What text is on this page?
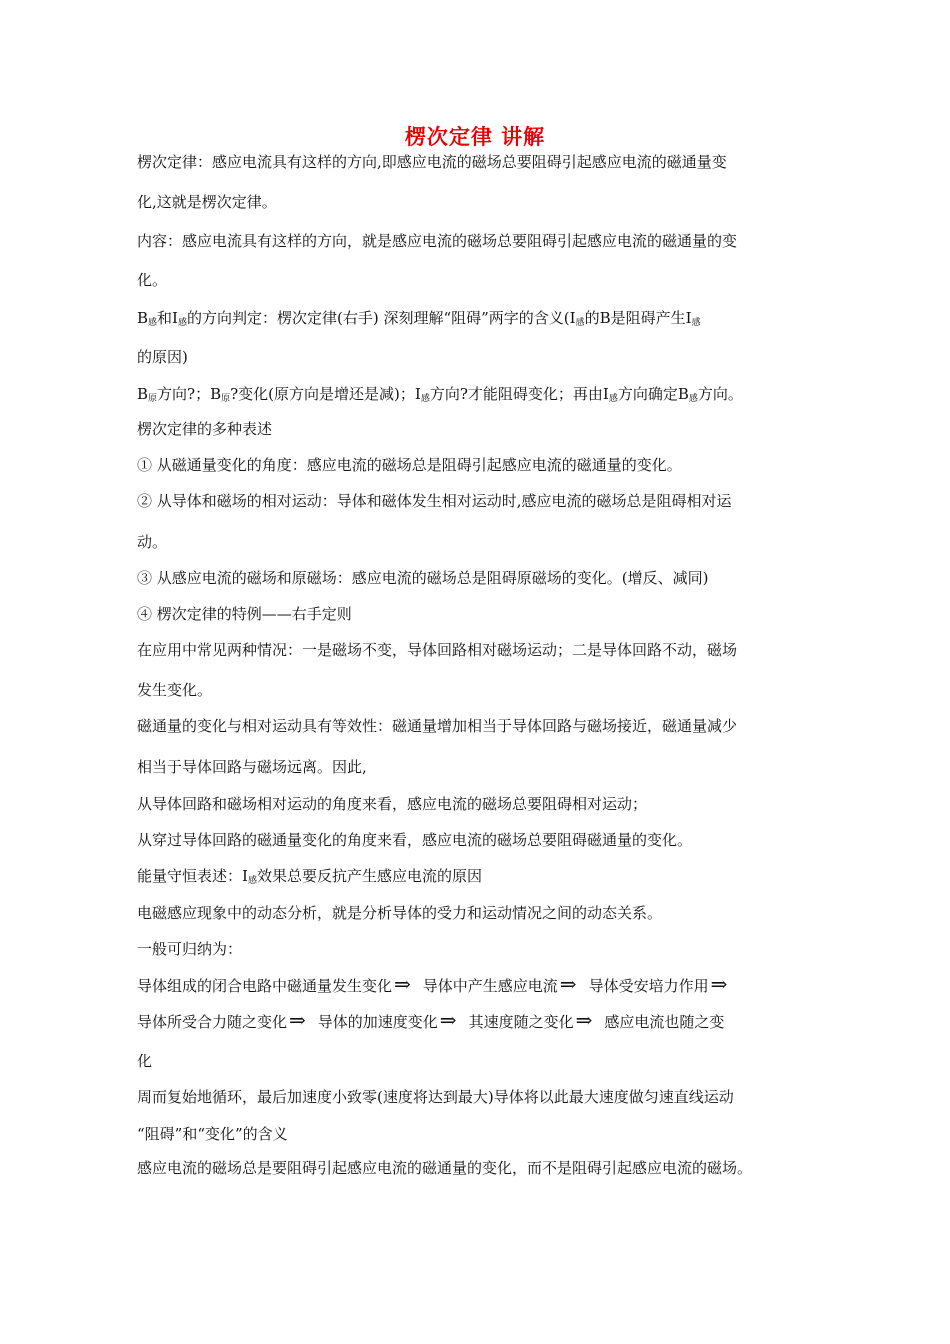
楞次定律 讲解
楞次定律：感应电流具有这样的方向,即感应电流的磁场总要阻碍引起感应电流的磁通量变
化,这就是楞次定律。
内容：感应电流具有这样的方向，就是感应电流的磁场总要阻碍引起感应电流的磁通量的变
化。
$B_感$和$Ⅰ_感$的方向判定：楞次定律(右手) 深刻理解“阻碍”两字的含义($Ⅰ_感$的B是阻碍产生$Ⅰ_感$
的原因)
$B_原$方向?；$B_原$?变化(原方向是增还是减)；$Ⅰ_感$方向?才能阻碍变化；再由$Ⅰ_感$方向确定$B_感$方向。
楞次定律的多种表述
① 从磁通量变化的角度：感应电流的磁场总是阻碍引起感应电流的磁通量的变化。
② 从导体和磁场的相对运动：导体和磁体发生相对运动时,感应电流的磁场总是阻碍相对运
动。
③ 从感应电流的磁场和原磁场：感应电流的磁场总是阻碍原磁场的变化。(增反、减同)
④ 楞次定律的特例——右手定则
在应用中常见两种情况：一是磁场不变，导体回路相对磁场运动；二是导体回路不动，磁场
发生变化。
磁通量的变化与相对运动具有等效性：磁通量增加相当于导体回路与磁场接近，磁通量减少
相当于导体回路与磁场远离。因此,
从导体回路和磁场相对运动的角度来看，感应电流的磁场总要阻碍相对运动；
从穿过导体回路的磁通量变化的角度来看，感应电流的磁场总要阻碍磁通量的变化。
能量守恒表述：$Ⅰ_感$效果总要反抗产生感应电流的原因
电磁感应现象中的动态分析，就是分析导体的受力和运动情况之间的动态关系。
一般可归纳为：
导体组成的闭合电路中磁通量发生变化 ⇒ 导体中产生感应电流 ⇒ 导体受安培力作用 ⇒
导体所受合力随之变化 ⇒ 导体的加速度变化 ⇒ 其速度随之变化 ⇒ 感应电流也随之变
化
周而复始地循环，最后加速度小致零(速度将达到最大)导体将以此最大速度做匀速直线运动
“阻碍”和“变化”的含义
感应电流的磁场总是要阻碍引起感应电流的磁通量的变化，而不是阻碍引起感应电流的磁场。
